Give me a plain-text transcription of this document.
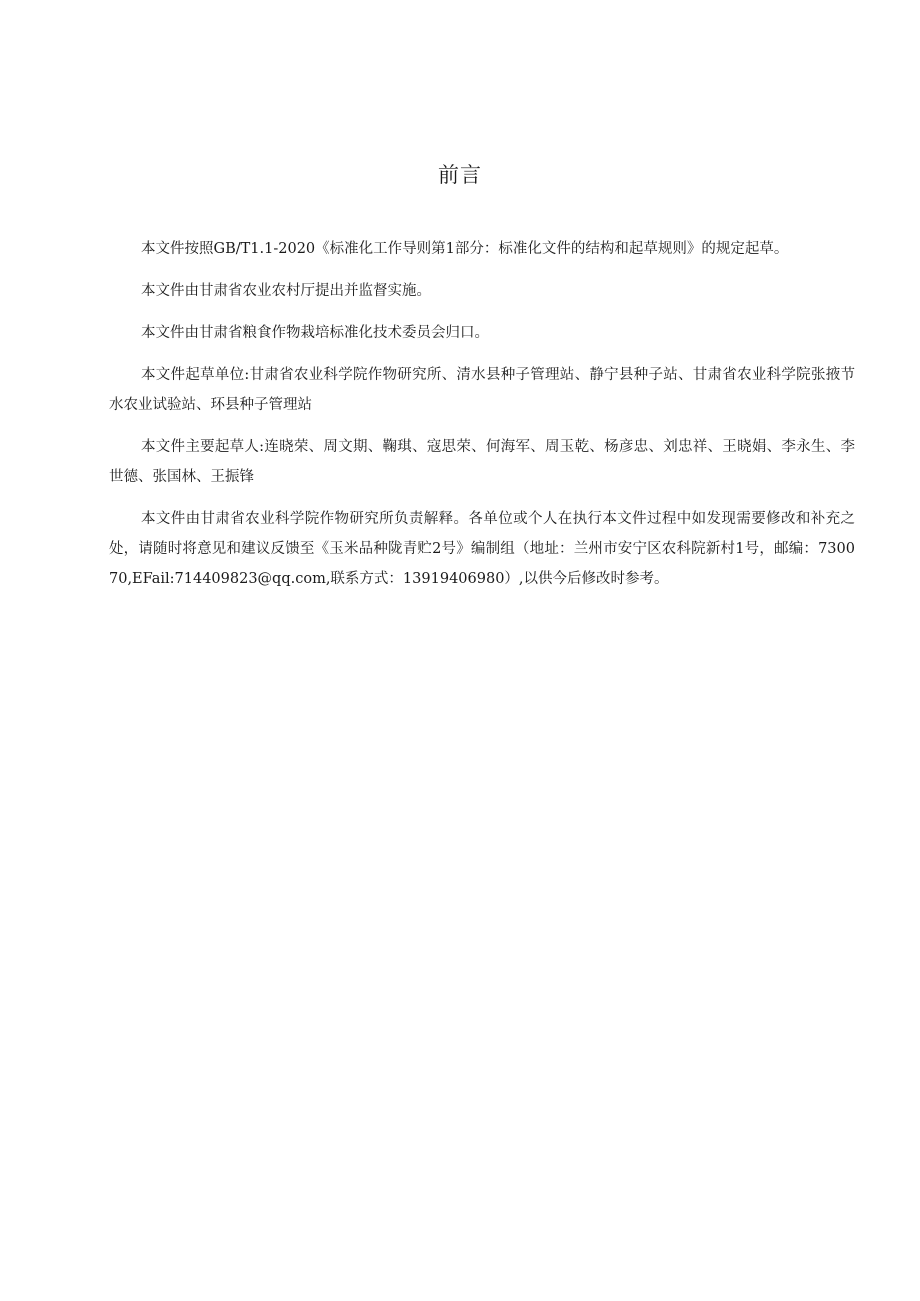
前言

本文件按照GB/T1.1-2020《标准化工作导则第1部分：标准化文件的结构和起草规则》的规定起草。

本文件由甘肃省农业农村厅提出并监督实施。

本文件由甘肃省粮食作物栽培标准化技术委员会归口。

本文件起草单位:甘肃省农业科学院作物研究所、清水县种子管理站、静宁县种子站、甘肃省农业科学院张掖节水农业试验站、环县种子管理站

本文件主要起草人:连晓荣、周文期、鞠琪、寇思荣、何海军、周玉乾、杨彦忠、刘忠祥、王晓娟、李永生、李世德、张国林、王振锋

本文件由甘肃省农业科学院作物研究所负责解释。各单位或个人在执行本文件过程中如发现需要修改和补充之处，请随时将意见和建议反馈至《玉米品种陇青贮2号》编制组（地址：兰州市安宁区农科院新村1号，邮编：730070,EFail:714409823@qq.com,联系方式：13919406980）,以供今后修改时参考。
